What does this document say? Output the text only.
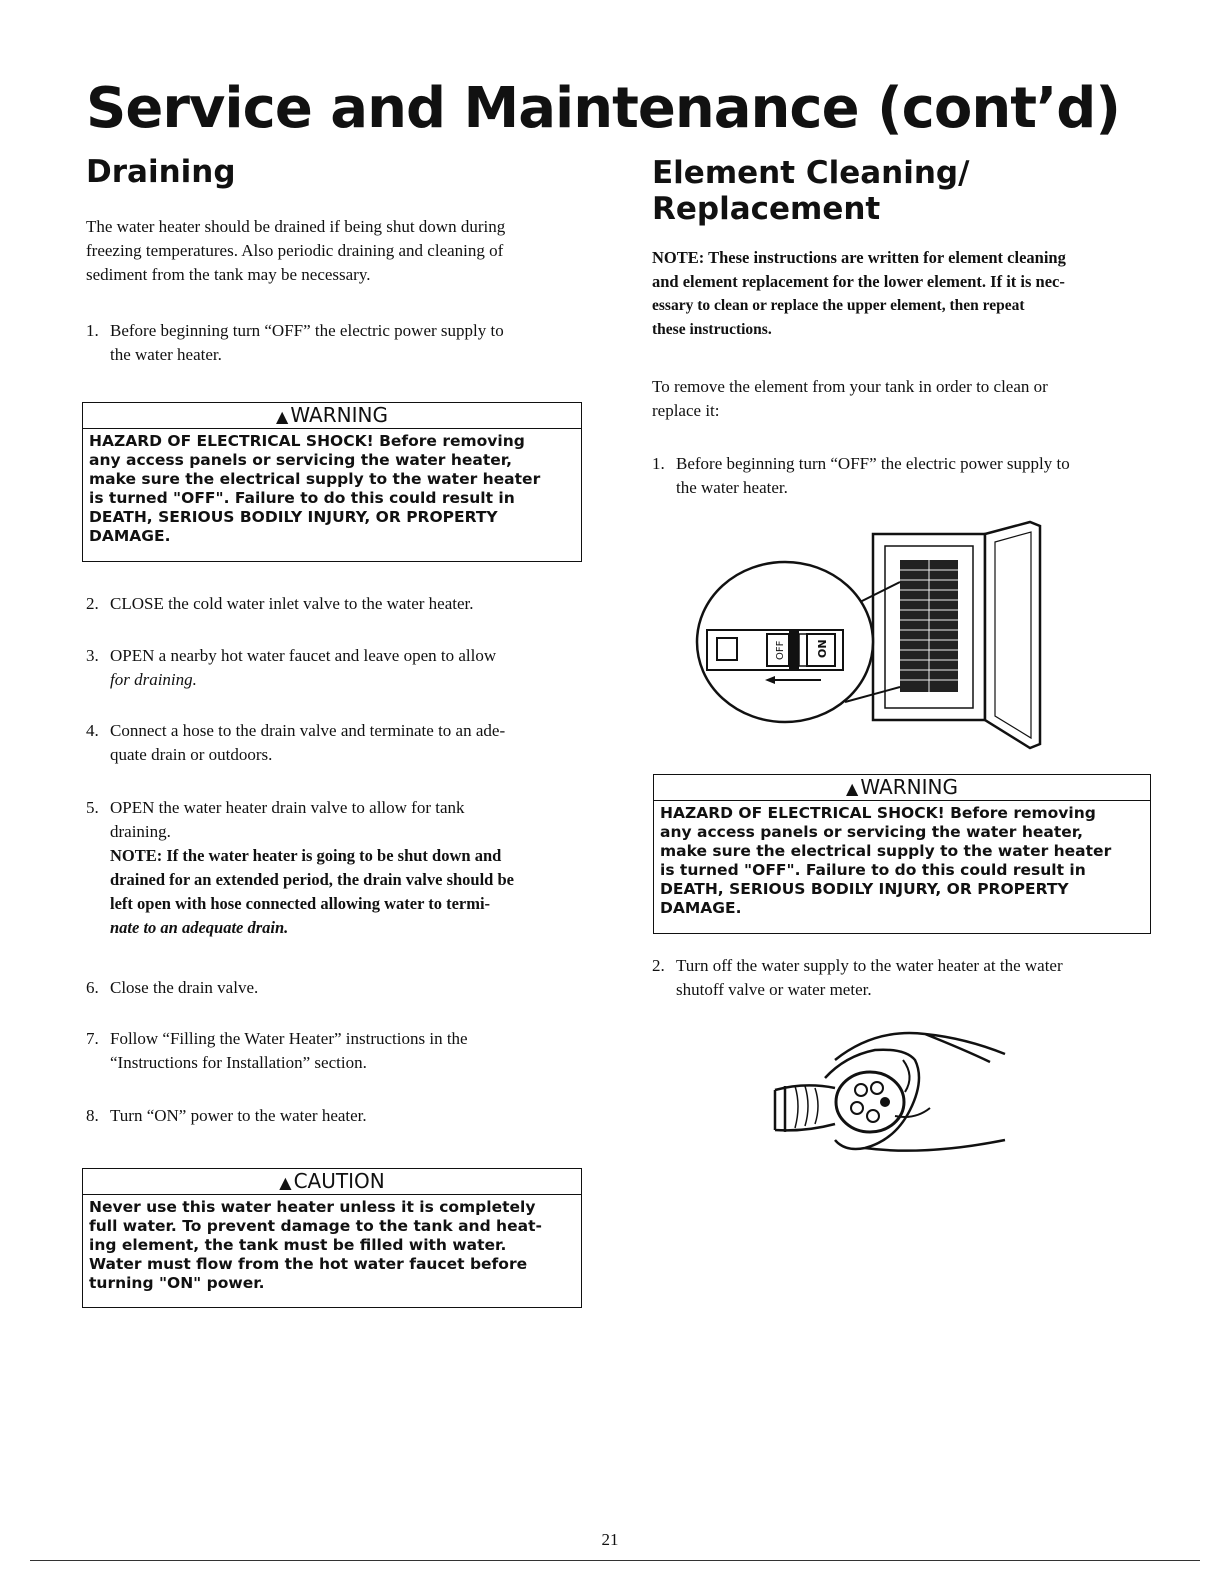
Service and Maintenance (cont’d)
Draining

The water heater should be drained if being shut down during

freezing temperatures. Also periodic draining and cleaning of

sediment from the tank may be necessary.

1. Before beginning turn “OFF” the electric power supply to
the water heater.
▲ WARNING
HAZARD OF ELECTRICAL SHOCK! Before removing
any access panels or servicing the water heater,
make sure the electrical supply to the water heater
is turned "OFF". Failure to do this could result in
DEATH, SERIOUS BODILY INJURY, OR PROPERTY
DAMAGE.
2. CLOSE the cold water inlet valve to the water heater.
3. OPEN a nearby hot water faucet and leave open to allow
for draining.
4. Connect a hose to the drain valve and terminate to an ade-
quate drain or outdoors.
5. OPEN the water heater drain valve to allow for tank
draining.
NOTE: If the water heater is going to be shut down and
drained for an extended period, the drain valve should be
left open with hose connected allowing water to termi-
nate to an adequate drain.
6. Close the drain valve.
7. Follow “Filling the Water Heater” instructions in the
“Instructions for Installation” section.
8. Turn “ON” power to the water heater.
▲ CAUTION
Never use this water heater unless it is completely
full water. To prevent damage to the tank and heat-
ing element, the tank must be filled with water.
Water must flow from the hot water faucet before
turning "ON" power.
Element Cleaning/
Replacement
NOTE: These instructions are written for element cleaning
and element replacement for the lower element. If it is nec-
essary to clean or replace the upper element, then repeat
these instructions.

To remove the element from your tank in order to clean or

replace it:

1. Before beginning turn “OFF” the electric power supply to
the water heater.
OFF	ON
▲ WARNING
HAZARD OF ELECTRICAL SHOCK! Before removing
any access panels or servicing the water heater,
make sure the electrical supply to the water heater
is turned "OFF". Failure to do this could result in
DEATH, SERIOUS BODILY INJURY, OR PROPERTY
DAMAGE.
2. Turn off the water supply to the water heater at the water
shutoff valve or water meter.
21
